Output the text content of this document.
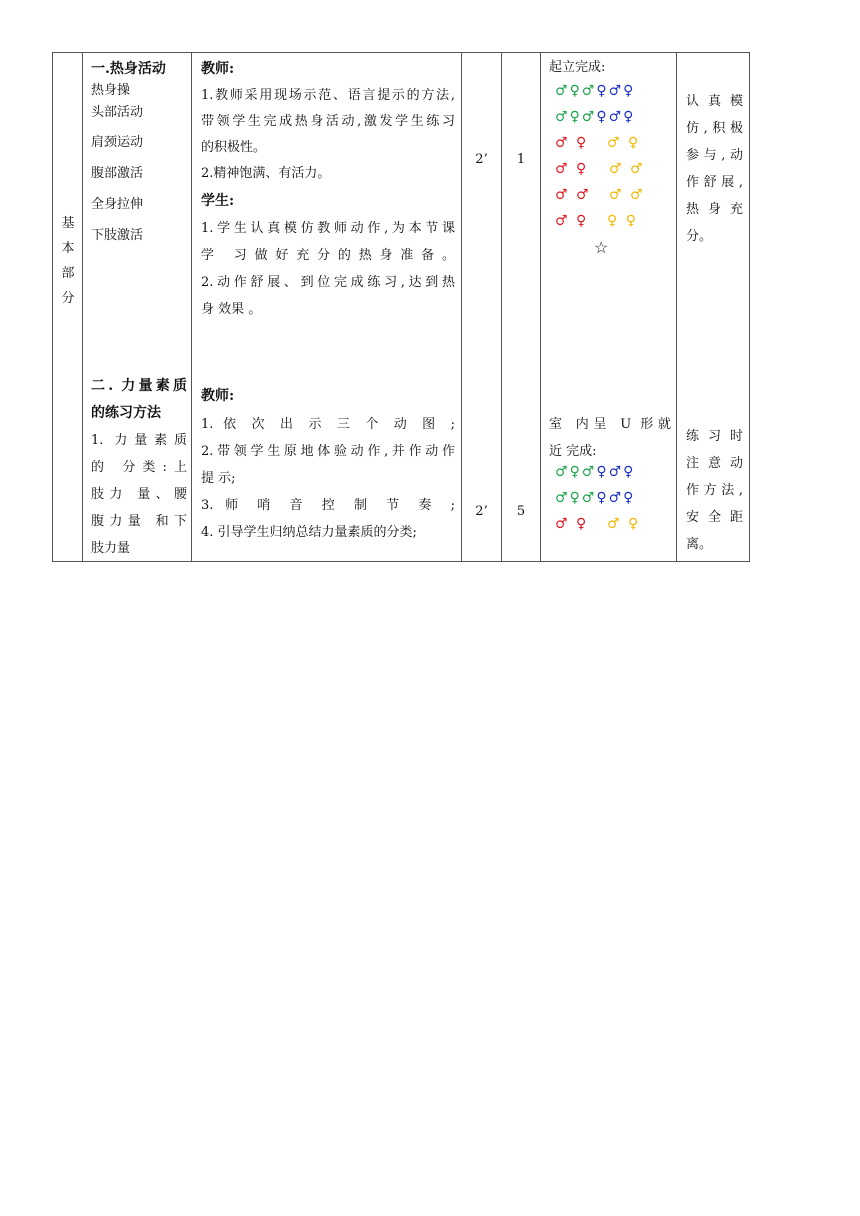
基
本
部
分
一.热身活动
热身操
头部活动
肩颈运动
腹部激活
全身拉伸
下肢激活
教师:
1.教师采用现场示范、语言提示的方法,
带领学生完成热身活动,激发学生练习
的积极性。
2.精神饱满、有活力。
学生:
1.学生认真模仿教师动作,为本节课
学 习做好充分的热身准备。
2.动作舒展、到位完成练习,达到热
身 效果 。
2’	1
起立完成:
♂♀♂♀♂♀
♂♀♂♀♂♀
♂ ♀ ♂ ♀
♂ ♀ ♂ ♂
♂ ♂ ♂ ♂
♂ ♀ ♀ ♀
☆
认真模
仿,积极
参与,动
作舒展,
热身充
分。
二. 力量素质
的练习方法
1. 力量素质
的 分类:上
肢力 量、腰
腹力量 和下
肢力量
教师:
1. 依 次 出 示 三 个 动 图 ;
2.带领学生原地体验动作,并作动作
提 示;
3. 师 哨 音 控 制 节 奏 ;
4. 引导学生归纳总结力量素质的分类;
2’	5
室 内呈 U 形就
近 完成:
♂♀♂♀♂♀
♂♀♂♀♂♀
♂ ♀ ♂ ♀
练习时
注意动
作方法,
安全距
离。
